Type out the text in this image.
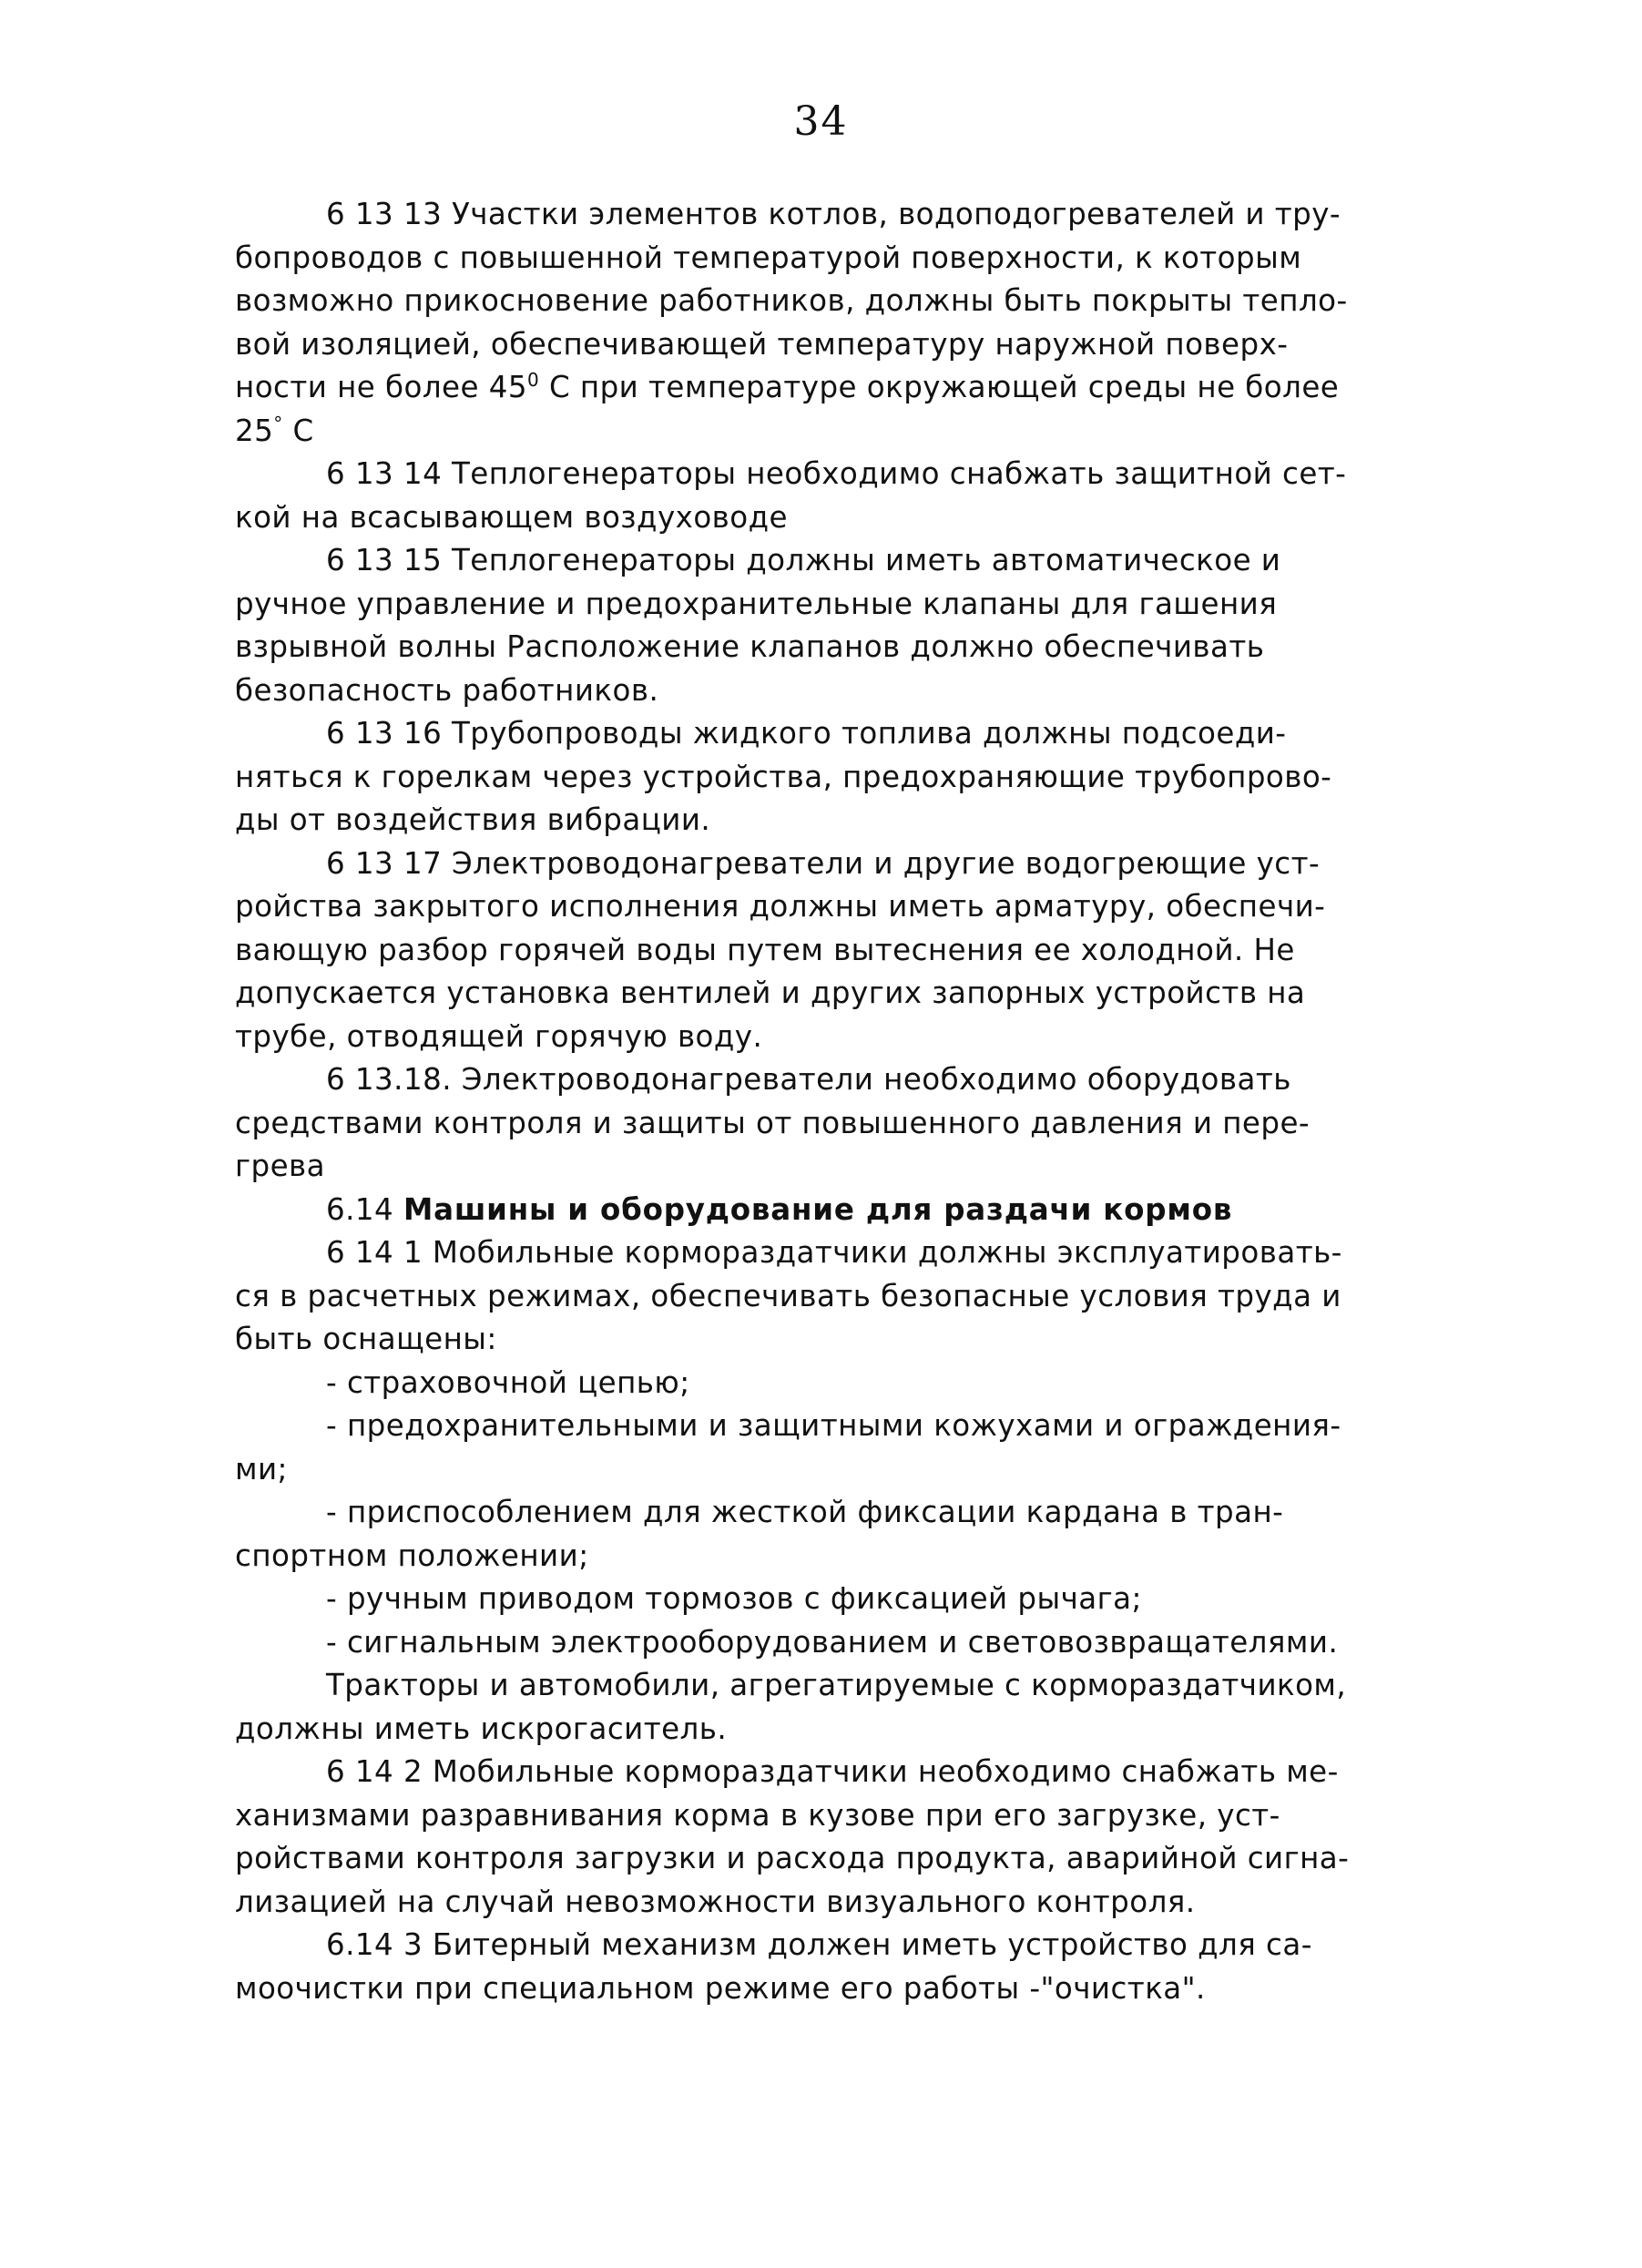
34
6 13 13 Участки элементов котлов, водоподогревателей и тру-
бопроводов с повышенной температурой поверхности, к которым
возможно прикосновение работников, должны быть покрыты тепло-
вой изоляцией, обеспечивающей температуру наружной поверх-
ности не более $45^0$ С при температуре окружающей среды не более
25° С
6 13 14 Теплогенераторы необходимо снабжать защитной сет-
кой на всасывающем воздуховоде
6 13 15 Теплогенераторы должны иметь автоматическое и
ручное управление и предохранительные клапаны для гашения
взрывной волны Расположение клапанов должно обеспечивать
безопасность работников.
6 13 16 Трубопроводы жидкого топлива должны подсоеди-
няться к горелкам через устройства, предохраняющие трубопрово-
ды от воздействия вибрации.
6 13 17 Электроводонагреватели и другие водогреющие уст-
ройства закрытого исполнения должны иметь арматуру, обеспечи-
вающую разбор горячей воды путем вытеснения ее холодной. Не
допускается установка вентилей и других запорных устройств на
трубе, отводящей горячую воду.
6 13.18. Электроводонагреватели необходимо оборудовать
средствами контроля и защиты от повышенного давления и пере-
грева
6.14 Машины и оборудование для раздачи кормов
6 14 1 Мобильные кормораздатчики должны эксплуатировать-
ся в расчетных режимах, обеспечивать безопасные условия труда и
быть оснащены:
- страховочной цепью;
- предохранительными и защитными кожухами и ограждения-
ми;
- приспособлением для жесткой фиксации кардана в тран-
спортном положении;
- ручным приводом тормозов с фиксацией рычага;
- сигнальным электрооборудованием и световозвращателями.
Тракторы и автомобили, агрегатируемые с кормораздатчиком,
должны иметь искрогаситель.
6 14 2 Мобильные кормораздатчики необходимо снабжать ме-
ханизмами разравнивания корма в кузове при его загрузке, уст-
ройствами контроля загрузки и расхода продукта, аварийной сигна-
лизацией на случай невозможности визуального контроля.
6.14 3 Битерный механизм должен иметь устройство для са-
моочистки при специальном режиме его работы -"очистка".
